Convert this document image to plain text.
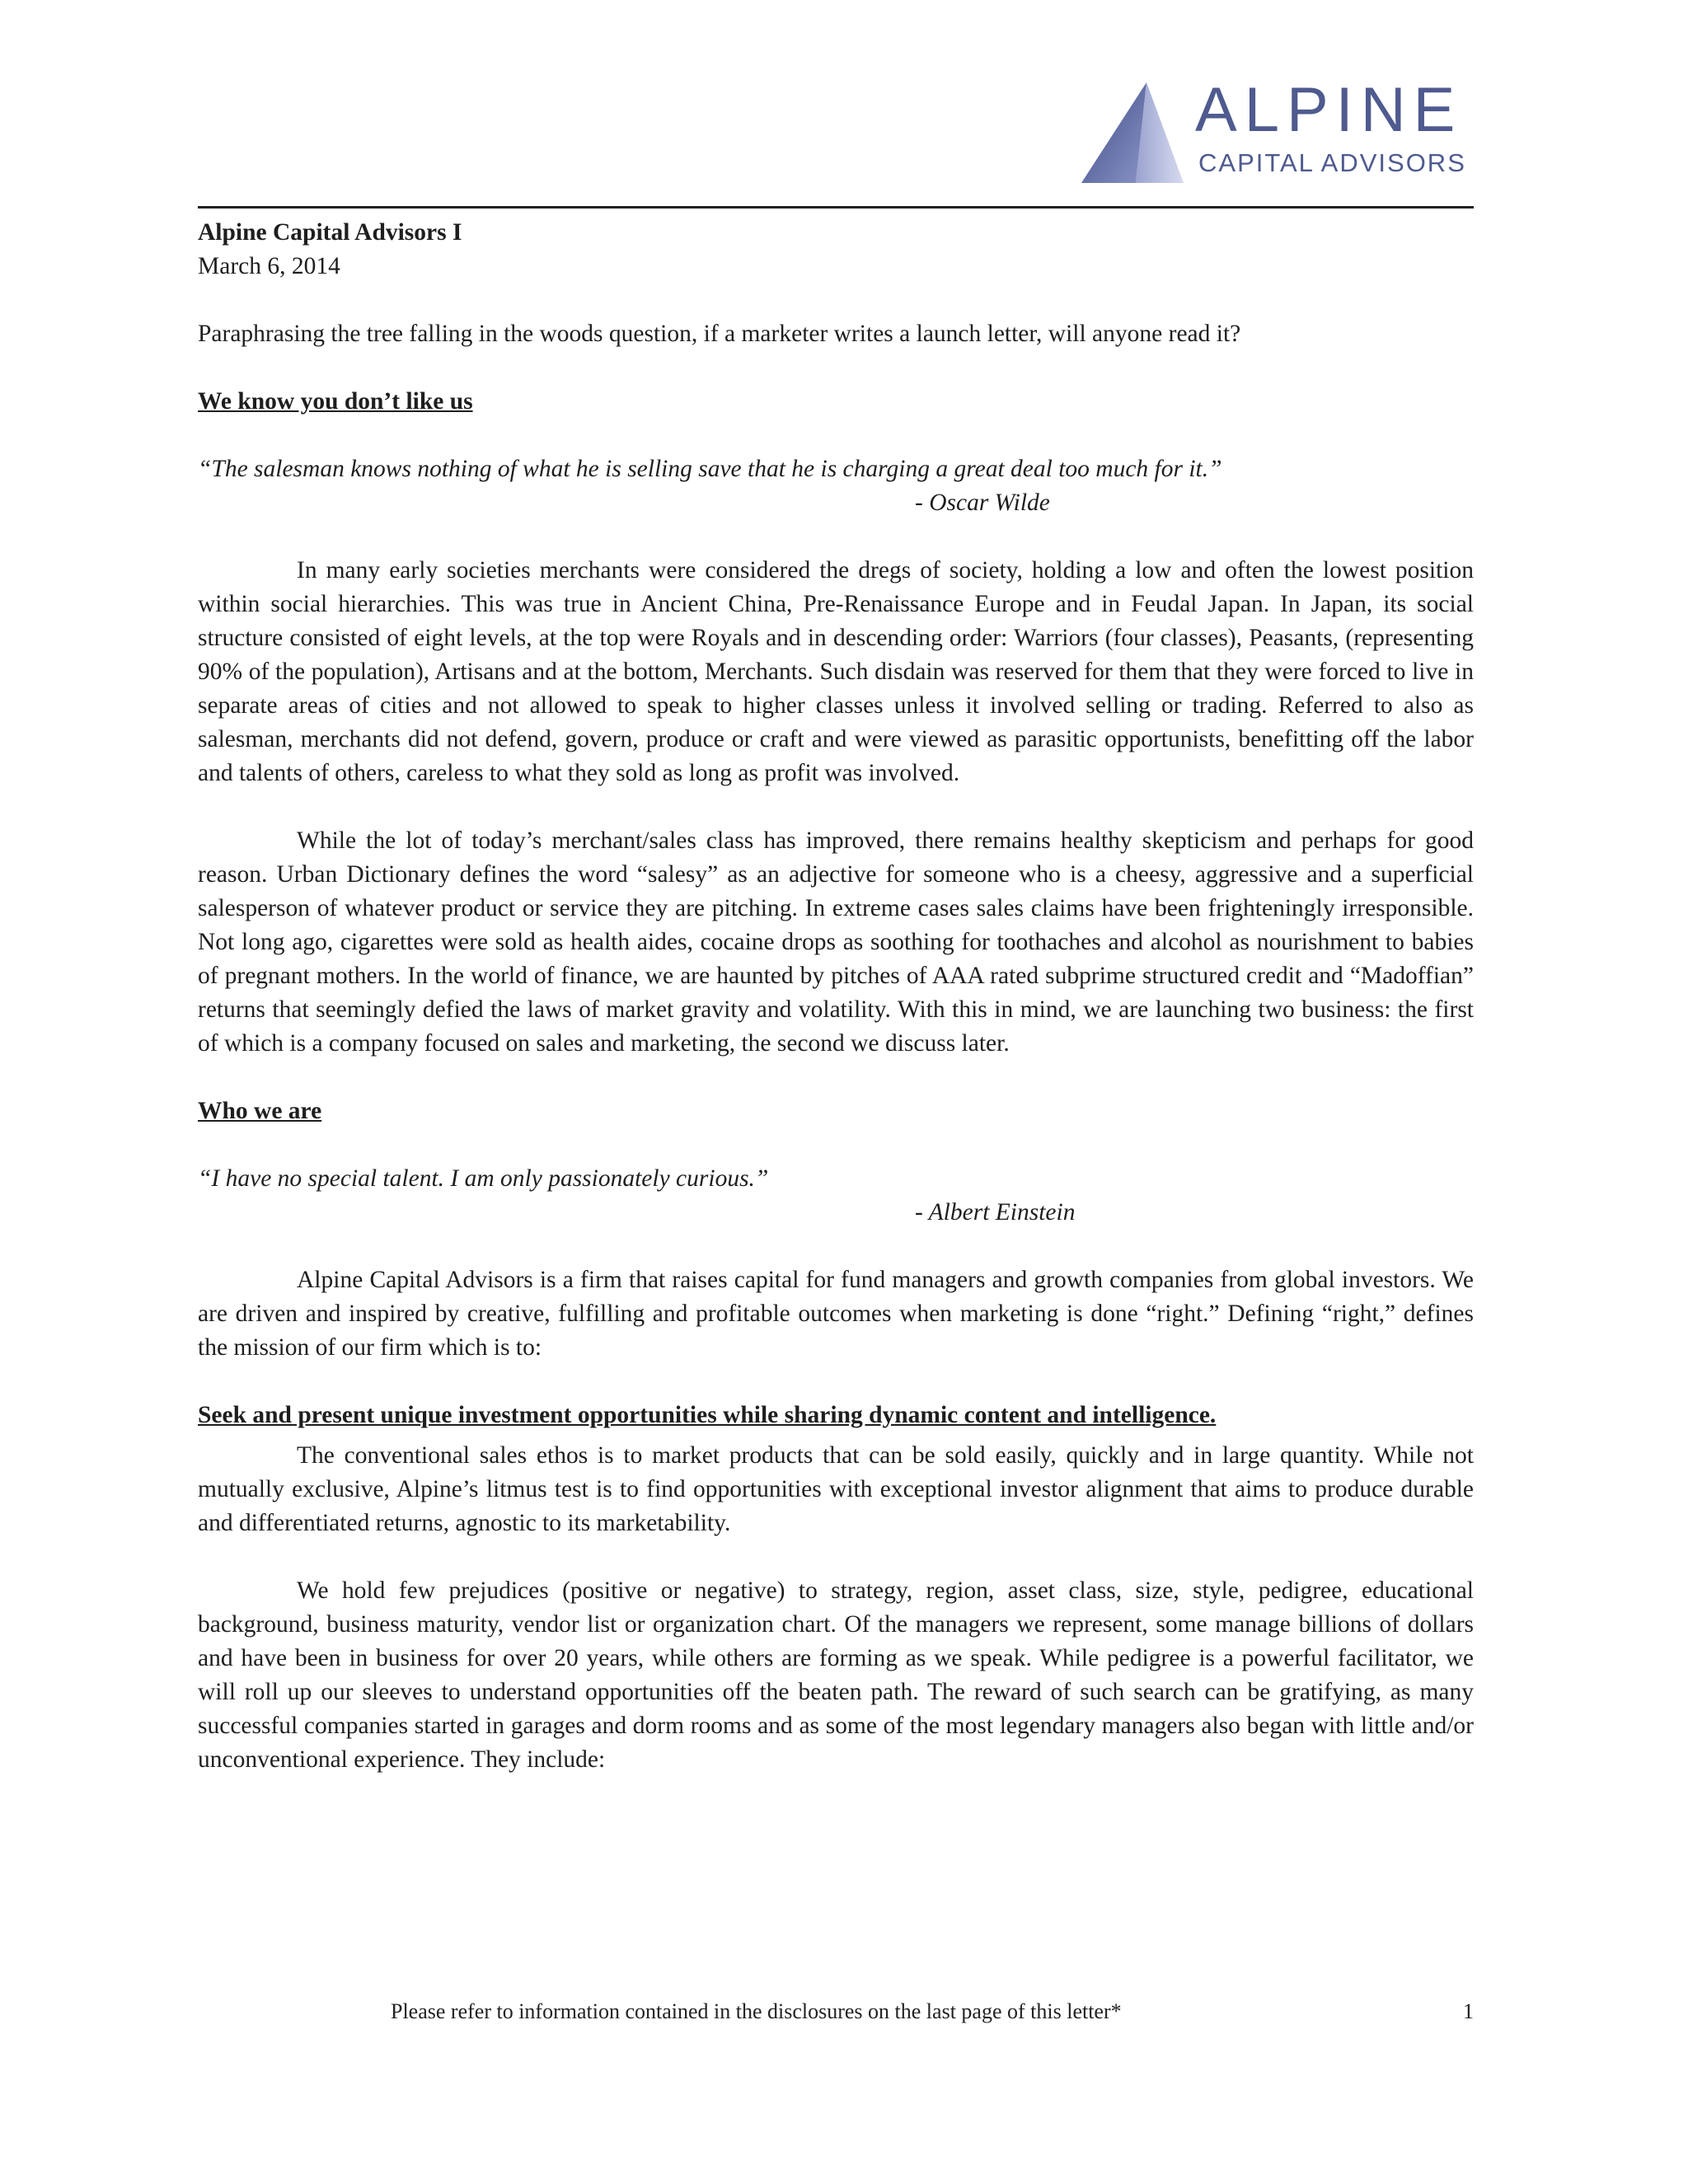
ALPINE
CAPITAL ADVISORS

Alpine Capital Advisors I

March 6, 2014

Paraphrasing the tree falling in the woods question, if a marketer writes a launch letter, will anyone read it?

We know you don’t like us

“The salesman knows nothing of what he is selling save that he is charging a great deal too much for it.”

- Oscar Wilde

In many early societies merchants were considered the dregs of society, holding a low and often the lowest position within social hierarchies. This was true in Ancient China, Pre-Renaissance Europe and in Feudal Japan. In Japan, its social structure consisted of eight levels, at the top were Royals and in descending order: Warriors (four classes), Peasants, (representing 90% of the population), Artisans and at the bottom, Merchants. Such disdain was reserved for them that they were forced to live in separate areas of cities and not allowed to speak to higher classes unless it involved selling or trading. Referred to also as salesman, merchants did not defend, govern, produce or craft and were viewed as parasitic opportunists, benefitting off the labor and talents of others, careless to what they sold as long as profit was involved.

While the lot of today’s merchant/sales class has improved, there remains healthy skepticism and perhaps for good reason. Urban Dictionary defines the word “salesy” as an adjective for someone who is a cheesy, aggressive and a superficial salesperson of whatever product or service they are pitching. In extreme cases sales claims have been frighteningly irresponsible. Not long ago, cigarettes were sold as health aides, cocaine drops as soothing for toothaches and alcohol as nourishment to babies of pregnant mothers. In the world of finance, we are haunted by pitches of AAA rated subprime structured credit and “Madoffian” returns that seemingly defied the laws of market gravity and volatility. With this in mind, we are launching two business: the first of which is a company focused on sales and marketing, the second we discuss later.

Who we are

“I have no special talent. I am only passionately curious.”

- Albert Einstein

Alpine Capital Advisors is a firm that raises capital for fund managers and growth companies from global investors. We are driven and inspired by creative, fulfilling and profitable outcomes when marketing is done “right.” Defining “right,” defines the mission of our firm which is to:

Seek and present unique investment opportunities while sharing dynamic content and intelligence.

The conventional sales ethos is to market products that can be sold easily, quickly and in large quantity. While not mutually exclusive, Alpine’s litmus test is to find opportunities with exceptional investor alignment that aims to produce durable and differentiated returns, agnostic to its marketability.

We hold few prejudices (positive or negative) to strategy, region, asset class, size, style, pedigree, educational background, business maturity, vendor list or organization chart. Of the managers we represent, some manage billions of dollars and have been in business for over 20 years, while others are forming as we speak. While pedigree is a powerful facilitator, we will roll up our sleeves to understand opportunities off the beaten path. The reward of such search can be gratifying, as many successful companies started in garages and dorm rooms and as some of the most legendary managers also began with little and/or unconventional experience. They include:

Please refer to information contained in the disclosures on the last page of this letter*	1
